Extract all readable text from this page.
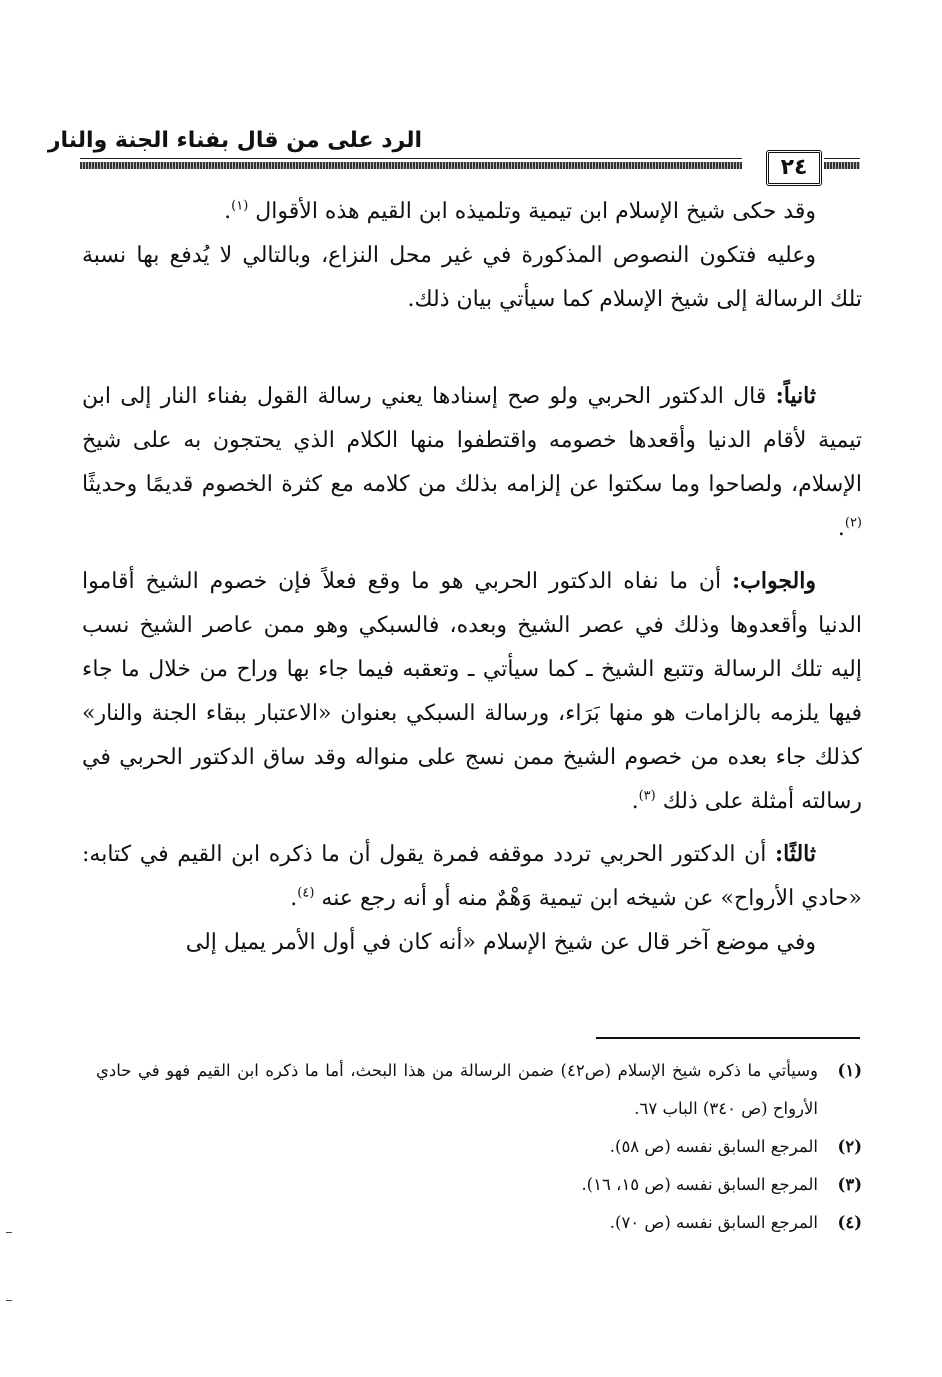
الرد على من قال بفناء الجنة والنار
٢٤

وقد حكى شيخ الإسلام ابن تيمية وتلميذه ابن القيم هذه الأقوال $^{(١)}$.

وعليه فتكون النصوص المذكورة في غير محل النزاع، وبالتالي لا يُدفع بها نسبة تلك الرسالة إلى شيخ الإسلام كما سيأتي بيان ذلك.

ثانياً: قال الدكتور الحربي ولو صح إسنادها يعني رسالة القول بفناء النار إلى ابن تيمية لأقام الدنيا وأقعدها خصومه واقتطفوا منها الكلام الذي يحتجون به على شيخ الإسلام، ولصاحوا وما سكتوا عن إلزامه بذلك من كلامه مع كثرة الخصوم قديمًا وحديثًا $^{(٢)}$.

والجواب: أن ما نفاه الدكتور الحربي هو ما وقع فعلاً فإن خصوم الشيخ أقاموا الدنيا وأقعدوها وذلك في عصر الشيخ وبعده، فالسبكي وهو ممن عاصر الشيخ نسب إليه تلك الرسالة وتتبع الشيخ ـ كما سيأتي ـ وتعقبه فيما جاء بها وراح من خلال ما جاء فيها يلزمه بالزامات هو منها بَرَاء، ورسالة السبكي بعنوان «الاعتبار ببقاء الجنة والنار» كذلك جاء بعده من خصوم الشيخ ممن نسج على منواله وقد ساق الدكتور الحربي في رسالته أمثلة على ذلك $^{(٣)}$.

ثالثًا: أن الدكتور الحربي تردد موقفه فمرة يقول أن ما ذكره ابن القيم في كتابه: «حادي الأرواح» عن شيخه ابن تيمية وَهْمٌ منه أو أنه رجع عنه $^{(٤)}$.

وفي موضع آخر قال عن شيخ الإسلام «أنه كان في أول الأمر يميل إلى

(١)
وسيأتي ما ذكره شيخ الإسلام (ص٤٢) ضمن الرسالة من هذا البحث، أما ما ذكره ابن القيم فهو في حادي الأرواح (ص ٣٤٠) الباب ٦٧.
(٢)
المرجع السابق نفسه (ص ٥٨).
(٣)
المرجع السابق نفسه (ص ١٥، ١٦).
(٤)
المرجع السابق نفسه (ص ٧٠).
